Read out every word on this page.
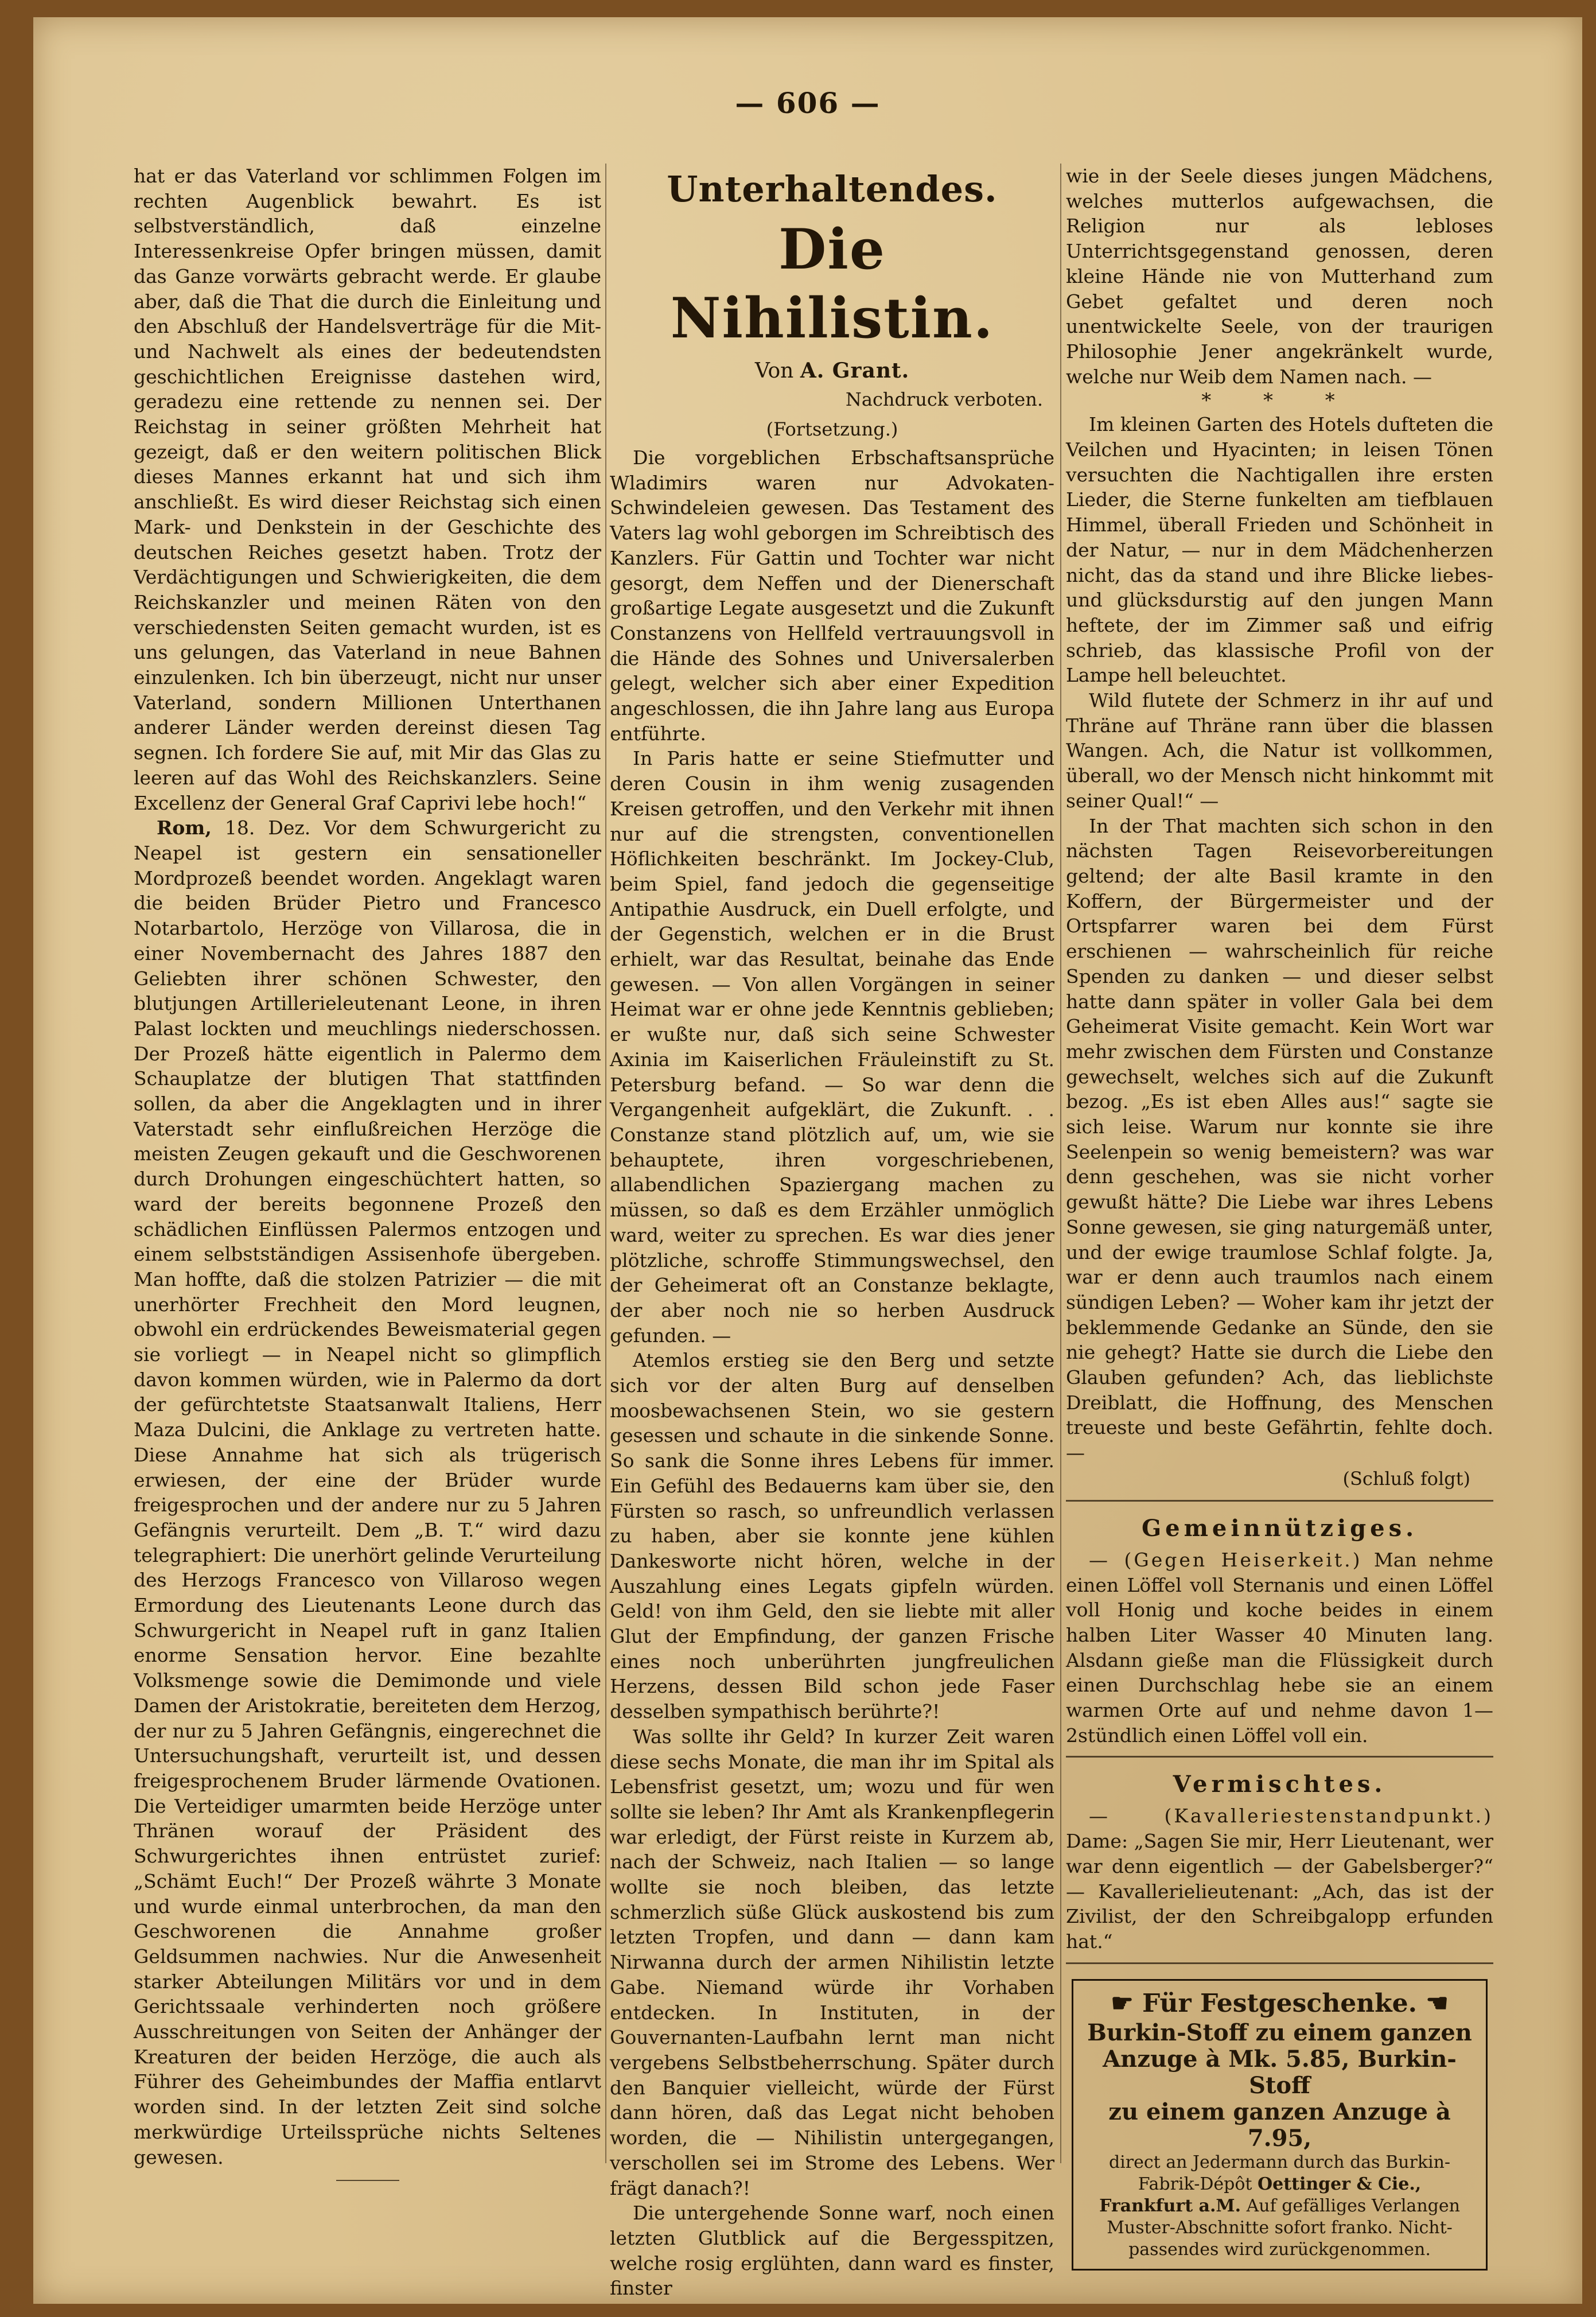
— 606 —

hat er das Vaterland vor schlimmen Folgen im rechten Augenblick bewahrt. Es ist selbstverständlich, daß einzelne Interessenkreise Opfer bringen müssen, damit das Ganze vorwärts gebracht werde. Er glaube aber, daß die That die durch die Einleitung und den Abschluß der Handelsverträge für die Mit- und Nachwelt als eines der bedeutendsten geschichtlichen Ereignisse dastehen wird, geradezu eine rettende zu nennen sei. Der Reichstag in seiner größten Mehrheit hat gezeigt, daß er den weitern politischen Blick dieses Mannes erkannt hat und sich ihm anschließt. Es wird dieser Reichstag sich einen Mark- und Denkstein in der Geschichte des deutschen Reiches gesetzt haben. Trotz der Verdächtigungen und Schwierigkeiten, die dem Reichskanzler und meinen Räten von den verschiedensten Seiten gemacht wurden, ist es uns gelungen, das Vaterland in neue Bahnen einzulenken. Ich bin überzeugt, nicht nur unser Vaterland, sondern Millionen Unterthanen anderer Länder werden dereinst diesen Tag segnen. Ich fordere Sie auf, mit Mir das Glas zu leeren auf das Wohl des Reichskanzlers. Seine Excellenz der General Graf Caprivi lebe hoch!“

Rom, 18. Dez. Vor dem Schwurgericht zu Neapel ist gestern ein sensationeller Mordprozeß beendet worden. Angeklagt waren die beiden Brüder Pietro und Francesco Notarbartolo, Herzöge von Villarosa, die in einer Novembernacht des Jahres 1887 den Geliebten ihrer schönen Schwester, den blutjungen Artillerieleutenant Leone, in ihren Palast lockten und meuchlings niederschossen. Der Prozeß hätte eigentlich in Palermo dem Schauplatze der blutigen That stattfinden sollen, da aber die Angeklagten und in ihrer Vaterstadt sehr einflußreichen Herzöge die meisten Zeugen gekauft und die Geschworenen durch Drohungen eingeschüchtert hatten, so ward der bereits begonnene Prozeß den schädlichen Einflüssen Palermos entzogen und einem selbstständigen Assisenhofe übergeben. Man hoffte, daß die stolzen Patrizier — die mit unerhörter Frechheit den Mord leugnen, obwohl ein erdrückendes Beweismaterial gegen sie vorliegt — in Neapel nicht so glimpflich davon kommen würden, wie in Palermo da dort der gefürchtetste Staatsanwalt Italiens, Herr Maza Dulcini, die Anklage zu vertreten hatte. Diese Annahme hat sich als trügerisch erwiesen, der eine der Brüder wurde freigesprochen und der andere nur zu 5 Jahren Gefängnis verurteilt. Dem „B. T.“ wird dazu telegraphiert: Die unerhört gelinde Verurteilung des Herzogs Francesco von Villaroso wegen Ermordung des Lieutenants Leone durch das Schwurgericht in Neapel ruft in ganz Italien enorme Sensation hervor. Eine bezahlte Volksmenge sowie die Demimonde und viele Damen der Aristokratie, bereiteten dem Herzog, der nur zu 5 Jahren Gefängnis, eingerechnet die Untersuchungshaft, verurteilt ist, und dessen freigesprochenem Bruder lärmende Ovationen. Die Verteidiger umarmten beide Herzöge unter Thränen worauf der Präsident des Schwurgerichtes ihnen entrüstet zurief: „Schämt Euch!“ Der Prozeß währte 3 Monate und wurde einmal unterbrochen, da man den Geschworenen die Annahme großer Geldsummen nachwies. Nur die Anwesenheit starker Abteilungen Militärs vor und in dem Gerichtssaale verhinderten noch größere Ausschreitungen von Seiten der Anhänger der Kreaturen der beiden Herzöge, die auch als Führer des Geheimbundes der Maffia entlarvt worden sind. In der letzten Zeit sind solche merkwürdige Urteilssprüche nichts Seltenes gewesen.

Unterhaltendes.
Die Nihilistin.
Von A. Grant.
Nachdruck verboten.
(Fortsetzung.)

Die vorgeblichen Erbschaftsansprüche Wladimirs waren nur Advokaten-Schwindeleien gewesen. Das Testament des Vaters lag wohl geborgen im Schreibtisch des Kanzlers. Für Gattin und Tochter war nicht gesorgt, dem Neffen und der Dienerschaft großartige Legate ausgesetzt und die Zukunft Constanzens von Hellfeld vertrauungsvoll in die Hände des Sohnes und Universalerben gelegt, welcher sich aber einer Expedition angeschlossen, die ihn Jahre lang aus Europa entführte.

In Paris hatte er seine Stiefmutter und deren Cousin in ihm wenig zusagenden Kreisen getroffen, und den Verkehr mit ihnen nur auf die strengsten, conventionellen Höflichkeiten beschränkt. Im Jockey-Club, beim Spiel, fand jedoch die gegenseitige Antipathie Ausdruck, ein Duell erfolgte, und der Gegenstich, welchen er in die Brust erhielt, war das Resultat, beinahe das Ende gewesen. — Von allen Vorgängen in seiner Heimat war er ohne jede Kenntnis geblieben; er wußte nur, daß sich seine Schwester Axinia im Kaiserlichen Fräuleinstift zu St. Petersburg befand. — So war denn die Vergangenheit aufgeklärt, die Zukunft. . . Constanze stand plötzlich auf, um, wie sie behauptete, ihren vorgeschriebenen, allabendlichen Spaziergang machen zu müssen, so daß es dem Erzähler unmöglich ward, weiter zu sprechen. Es war dies jener plötzliche, schroffe Stimmungswechsel, den der Geheimerat oft an Constanze beklagte, der aber noch nie so herben Ausdruck gefunden. —

Atemlos erstieg sie den Berg und setzte sich vor der alten Burg auf denselben moosbewachsenen Stein, wo sie gestern gesessen und schaute in die sinkende Sonne. So sank die Sonne ihres Lebens für immer. Ein Gefühl des Bedauerns kam über sie, den Fürsten so rasch, so unfreundlich verlassen zu haben, aber sie konnte jene kühlen Dankesworte nicht hören, welche in der Auszahlung eines Legats gipfeln würden. Geld! von ihm Geld, den sie liebte mit aller Glut der Empfindung, der ganzen Frische eines noch unberührten jungfreulichen Herzens, dessen Bild schon jede Faser desselben sympathisch berührte?!

Was sollte ihr Geld? In kurzer Zeit waren diese sechs Monate, die man ihr im Spital als Lebensfrist gesetzt, um; wozu und für wen sollte sie leben? Ihr Amt als Krankenpflegerin war erledigt, der Fürst reiste in Kurzem ab, nach der Schweiz, nach Italien — so lange wollte sie noch bleiben, das letzte schmerzlich süße Glück auskostend bis zum letzten Tropfen, und dann — dann kam Nirwanna durch der armen Nihilistin letzte Gabe. Niemand würde ihr Vorhaben entdecken. In Instituten, in der Gouvernanten-Laufbahn lernt man nicht vergebens Selbstbeherrschung. Später durch den Banquier vielleicht, würde der Fürst dann hören, daß das Legat nicht behoben worden, die — Nihilistin untergegangen, verschollen sei im Strome des Lebens. Wer frägt danach?!

Die untergehende Sonne warf, noch einen letzten Glutblick auf die Bergesspitzen, welche rosig erglühten, dann ward es finster, finster

wie in der Seele dieses jungen Mädchens, welches mutterlos aufgewachsen, die Religion nur als lebloses Unterrichtsgegenstand genossen, deren kleine Hände nie von Mutterhand zum Gebet gefaltet und deren noch unentwickelte Seele, von der traurigen Philosophie Jener angekränkelt wurde, welche nur Weib dem Namen nach. —

* * *

Im kleinen Garten des Hotels dufteten die Veilchen und Hyacinten; in leisen Tönen versuchten die Nachtigallen ihre ersten Lieder, die Sterne funkelten am tiefblauen Himmel, überall Frieden und Schönheit in der Natur, — nur in dem Mädchenherzen nicht, das da stand und ihre Blicke liebes- und glücksdurstig auf den jungen Mann heftete, der im Zimmer saß und eifrig schrieb, das klassische Profil von der Lampe hell beleuchtet.

Wild flutete der Schmerz in ihr auf und Thräne auf Thräne rann über die blassen Wangen. Ach, die Natur ist vollkommen, überall, wo der Mensch nicht hinkommt mit seiner Qual!“ —

In der That machten sich schon in den nächsten Tagen Reisevorbereitungen geltend; der alte Basil kramte in den Koffern, der Bürgermeister und der Ortspfarrer waren bei dem Fürst erschienen — wahrscheinlich für reiche Spenden zu danken — und dieser selbst hatte dann später in voller Gala bei dem Geheimerat Visite gemacht. Kein Wort war mehr zwischen dem Fürsten und Constanze gewechselt, welches sich auf die Zukunft bezog. „Es ist eben Alles aus!“ sagte sie sich leise. Warum nur konnte sie ihre Seelenpein so wenig bemeistern? was war denn geschehen, was sie nicht vorher gewußt hätte? Die Liebe war ihres Lebens Sonne gewesen, sie ging naturgemäß unter, und der ewige traumlose Schlaf folgte. Ja, war er denn auch traumlos nach einem sündigen Leben? — Woher kam ihr jetzt der beklemmende Gedanke an Sünde, den sie nie gehegt? Hatte sie durch die Liebe den Glauben gefunden? Ach, das lieblichste Dreiblatt, die Hoffnung, des Menschen treueste und beste Gefährtin, fehlte doch. —

(Schluß folgt)
Gemeinnütziges.

— (Gegen Heiserkeit.) Man nehme einen Löffel voll Sternanis und einen Löffel voll Honig und koche beides in einem halben Liter Wasser 40 Minuten lang. Alsdann gieße man die Flüssigkeit durch einen Durchschlag hebe sie an einem warmen Orte auf und nehme davon 1—2stündlich einen Löffel voll ein.

Vermischtes.

— (Kavalleriestenstandpunkt.) Dame: „Sagen Sie mir, Herr Lieutenant, wer war denn eigentlich — der Gabelsberger?“ — Kavallerielieutenant: „Ach, das ist der Zivilist, der den Schreibgalopp erfunden hat.“

☛ Für Festgeschenke. ☚
Burkin-Stoff zu einem ganzen
Anzuge à Mk. 5.85, Burkin-Stoff
zu einem ganzen Anzuge à 7.95,
direct an Jedermann durch das Burkin-
Fabrik-Dépôt Oettinger & Cie.,
Frankfurt a.M. Auf gefälliges Verlangen
Muster-Abschnitte sofort franko. Nicht-
passendes wird zurückgenommen.
